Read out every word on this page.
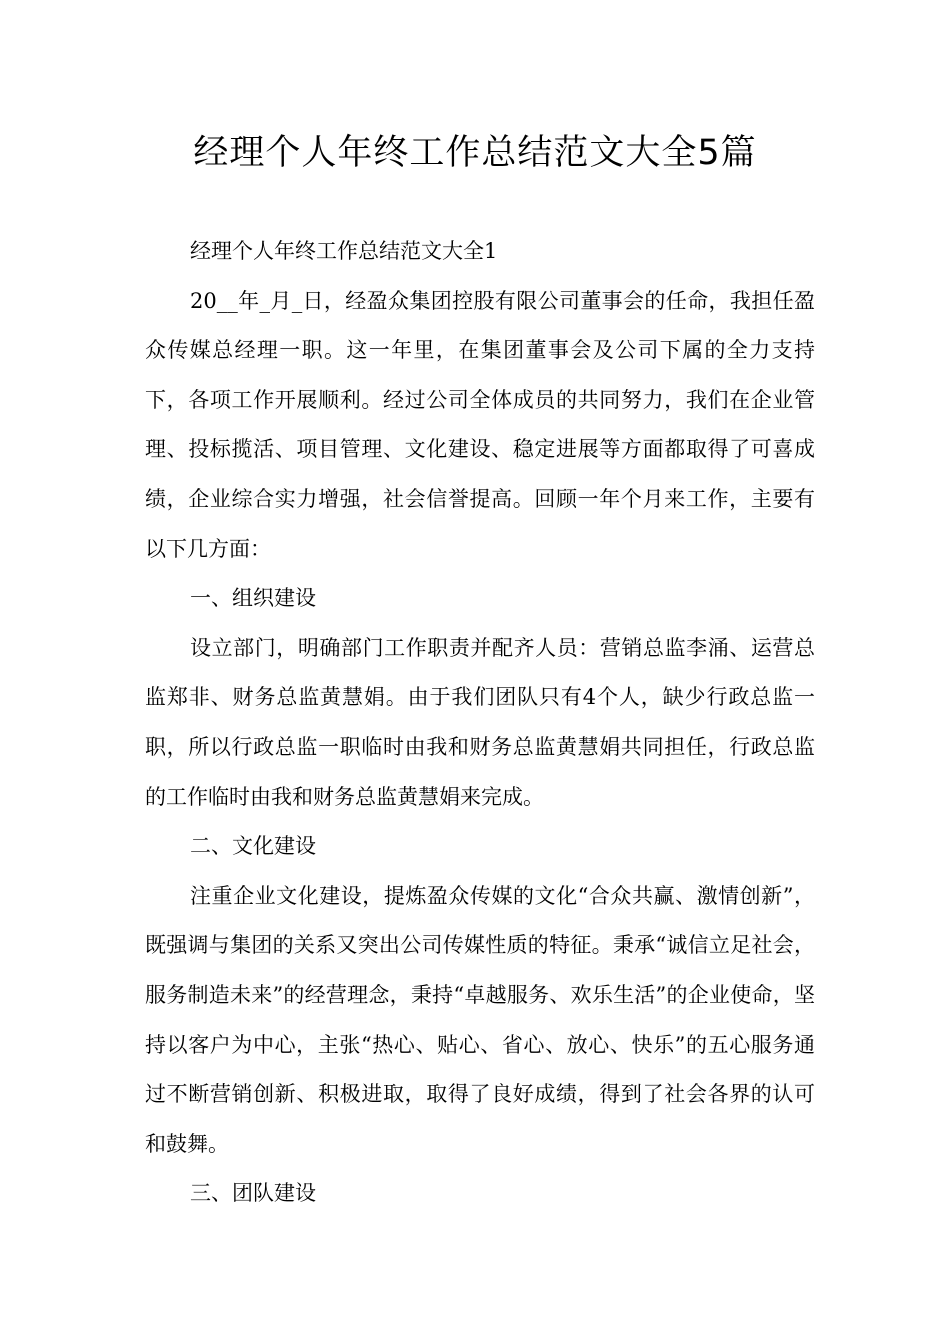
经理个人年终工作总结范文大全5篇

经理个人年终工作总结范文大全1

20__年_月_日，经盈众集团控股有限公司董事会的任命，我担任盈众传媒总经理一职。这一年里，在集团董事会及公司下属的全力支持下，各项工作开展顺利。经过公司全体成员的共同努力，我们在企业管理、投标揽活、项目管理、文化建设、稳定进展等方面都取得了可喜成绩，企业综合实力增强，社会信誉提高。回顾一年个月来工作，主要有以下几方面：

一、组织建设

设立部门，明确部门工作职责并配齐人员：营销总监李涌、运营总监郑非、财务总监黄慧娟。由于我们团队只有4个人，缺少行政总监一职，所以行政总监一职临时由我和财务总监黄慧娟共同担任，行政总监的工作临时由我和财务总监黄慧娟来完成。

二、文化建设

注重企业文化建设，提炼盈众传媒的文化“合众共赢、激情创新”，既强调与集团的关系又突出公司传媒性质的特征。秉承“诚信立足社会，服务制造未来”的经营理念，秉持“卓越服务、欢乐生活”的企业使命，坚持以客户为中心，主张“热心、贴心、省心、放心、快乐”的五心服务通过不断营销创新、积极进取，取得了良好成绩，得到了社会各界的认可和鼓舞。

三、团队建设
